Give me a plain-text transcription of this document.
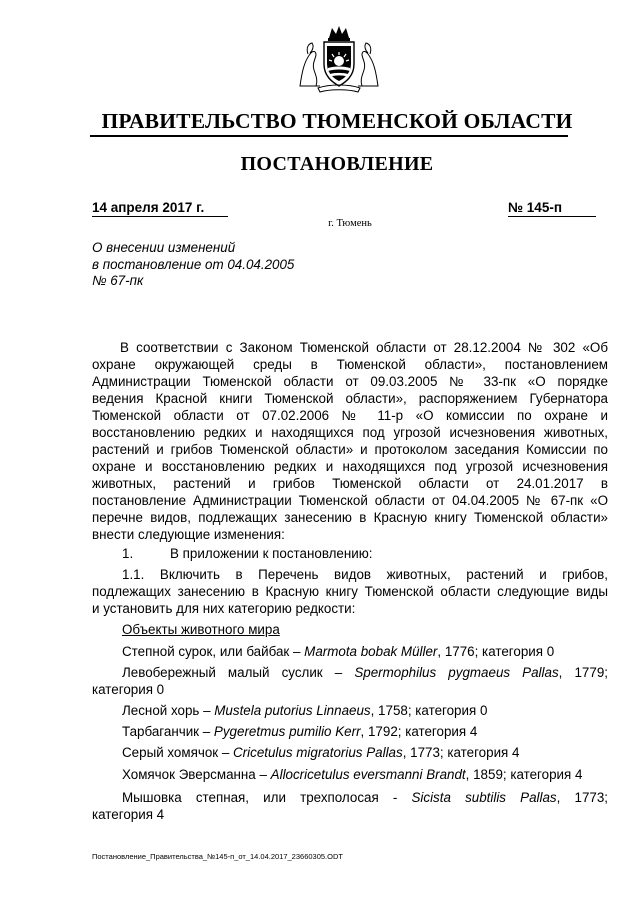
ПРАВИТЕЛЬСТВО ТЮМЕНСКОЙ ОБЛАСТИ
ПОСТАНОВЛЕНИЕ
14 апреля 2017 г.	№ 145-п
г. Тюмень
О внесении изменений
в постановление от 04.04.2005
№ 67-пк
В соответствии с Законом Тюменской области от 28.12.2004 № 302 «Об
охране окружающей среды в Тюменской области», постановлением
Администрации Тюменской области от 09.03.2005 № 33-пк «О порядке
ведения Красной книги Тюменской области», распоряжением Губернатора
Тюменской области от 07.02.2006 № 11-р «О комиссии по охране и
восстановлению редких и находящихся под угрозой исчезновения животных,
растений и грибов Тюменской области» и протоколом заседания Комиссии по
охране и восстановлению редких и находящихся под угрозой исчезновения
животных, растений и грибов Тюменской области от 24.01.2017 в
постановление Администрации Тюменской области от 04.04.2005 № 67-пк «О
перечне видов, подлежащих занесению в Красную книгу Тюменской области»
внести следующие изменения:
1.	В приложении к постановлению:
1.1. Включить в Перечень видов животных, растений и грибов,
подлежащих занесению в Красную книгу Тюменской области следующие виды
и установить для них категорию редкости:
Объекты животного мира
Степной сурок, или байбак – Marmota bobak Müller, 1776; категория 0
Левобережный малый суслик – Spermophilus pygmaeus Pallas, 1779;
категория 0
Лесной хорь – Mustela putorius Linnaeus, 1758; категория 0
Тарбаганчик – Pygeretmus pumilio Kerr, 1792; категория 4
Серый хомячок – Cricetulus migratorius Pallas, 1773; категория 4
Хомячок Эверсманна – Allocricetulus eversmanni Brandt, 1859; категория 4
Мышовка степная, или трехполосая - Sicista subtilis Pallas, 1773;
категория 4
Постановление_Правительства_№145-п_от_14.04.2017_23660305.ODT
